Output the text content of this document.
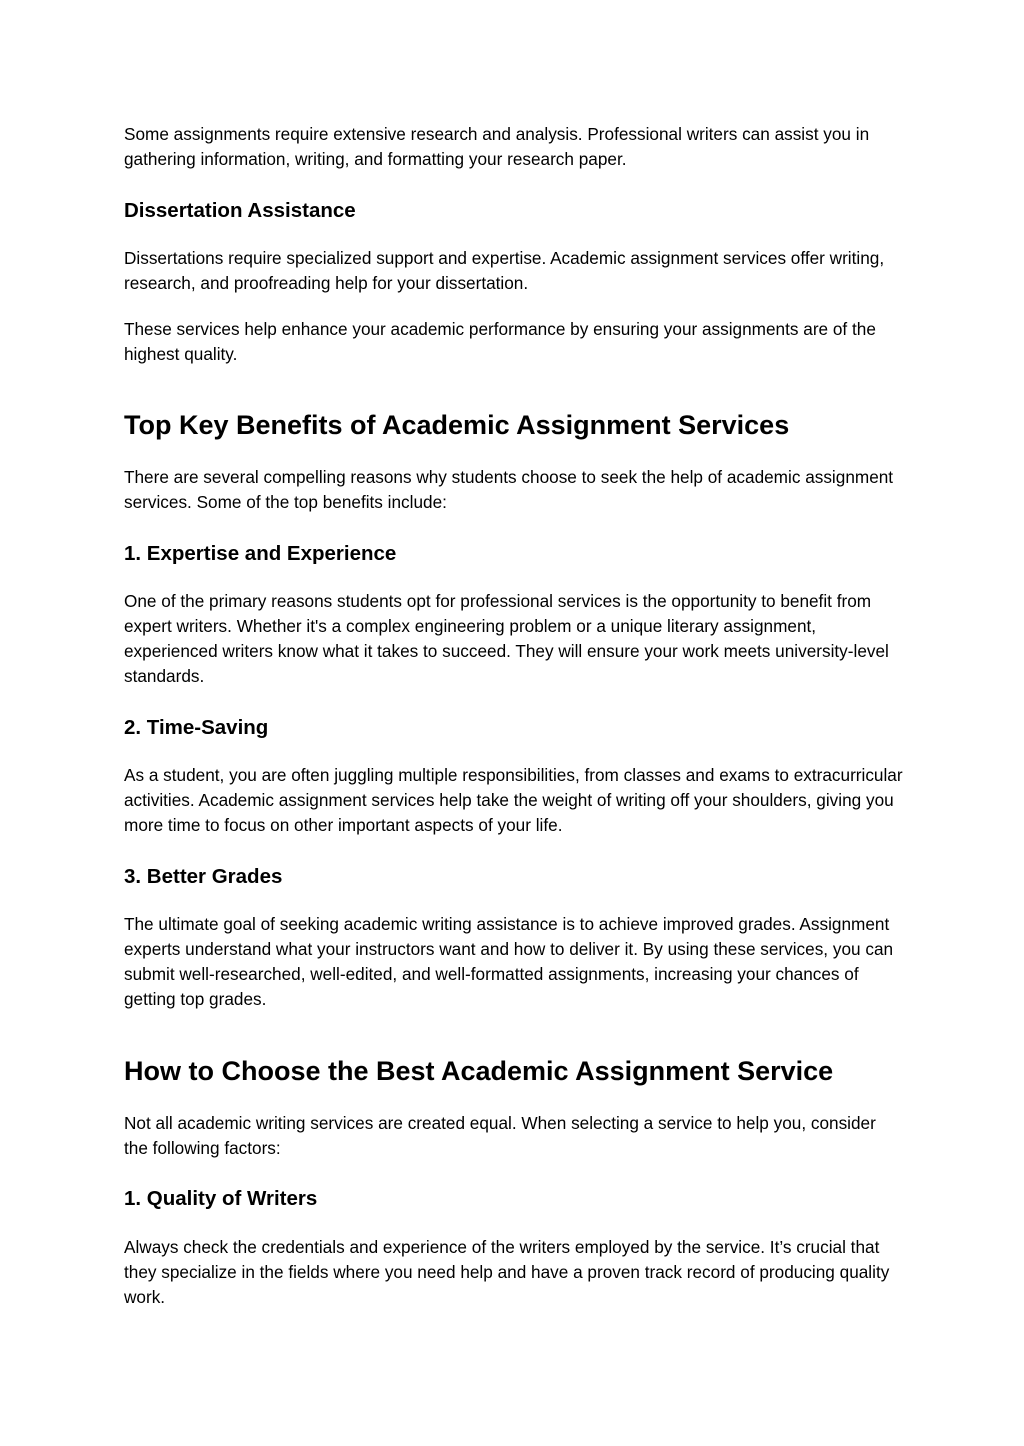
Some assignments require extensive research and analysis. Professional writers can assist you in gathering information, writing, and formatting your research paper.

Dissertation Assistance

Dissertations require specialized support and expertise. Academic assignment services offer writing, research, and proofreading help for your dissertation.

These services help enhance your academic performance by ensuring your assignments are of the highest quality.

Top Key Benefits of Academic Assignment Services

There are several compelling reasons why students choose to seek the help of academic assignment services. Some of the top benefits include:

1. Expertise and Experience

One of the primary reasons students opt for professional services is the opportunity to benefit from expert writers. Whether it's a complex engineering problem or a unique literary assignment, experienced writers know what it takes to succeed. They will ensure your work meets university-level standards.

2. Time-Saving

As a student, you are often juggling multiple responsibilities, from classes and exams to extracurricular activities. Academic assignment services help take the weight of writing off your shoulders, giving you more time to focus on other important aspects of your life.

3. Better Grades

The ultimate goal of seeking academic writing assistance is to achieve improved grades. Assignment experts understand what your instructors want and how to deliver it. By using these services, you can submit well-researched, well-edited, and well-formatted assignments, increasing your chances of getting top grades.

How to Choose the Best Academic Assignment Service

Not all academic writing services are created equal. When selecting a service to help you, consider the following factors:

1. Quality of Writers

Always check the credentials and experience of the writers employed by the service. It’s crucial that they specialize in the fields where you need help and have a proven track record of producing quality work.
